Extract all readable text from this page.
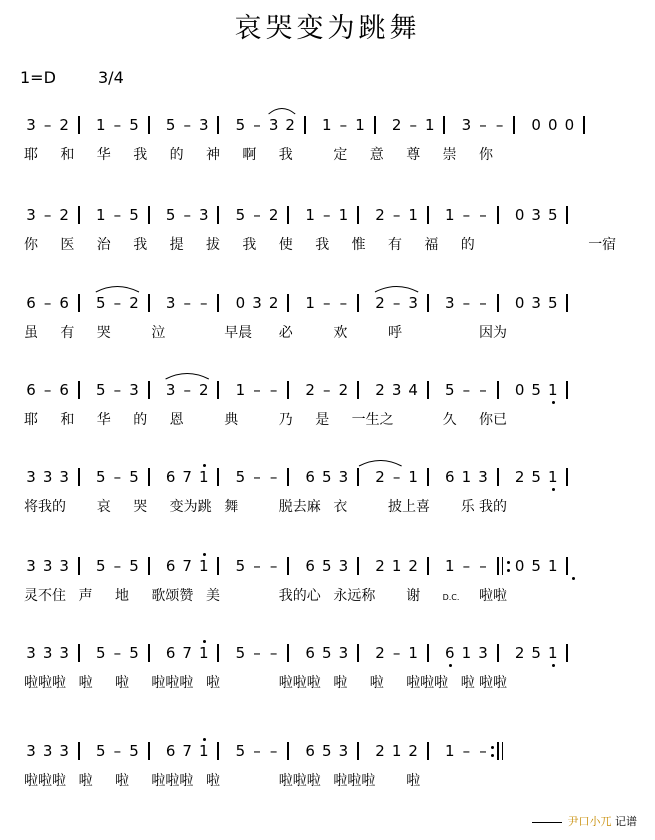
哀哭变为跳舞
1=D	3/4
3 – 2 1 – 5 5 – 3 5 – 3 2 1 – 1 2 – 1 3 – – 0 0 0
耶 和 华 我 的 神 啊 我	定 意 尊 崇 你
3 – 2 1 – 5 5 – 3 5 – 2 1 – 1 2 – 1 1 – – 0 3 5
你 医 治 我 提 拔 我 使 我 惟 有 福 的	一宿
6 – 6 5 – 2 3 – – 0 3 2 1 – – 2 – 3 3 – – 0 3 5
虽 有 哭	泣	早晨 必	欢	呼	因为
6 – 6 5 – 3 3 – 2 1 – – 2 – 2 2 3 4 5 – – 0 5 1
耶 和 华 的 恩	典	乃 是 一生之	久 你已
3 3 3 5 – 5 6 7 1 5 – – 6 5 3 2 – 1 6 1 3 2 5 1
将我的 哀 哭 变为跳 舞	脱去麻 衣	披上喜 乐 我的
3 3 3 5 – 5 6 7 1 5 – – 6 5 3 2 1 2 1 – – 0 5 1
灵不住 声 地 歌颂赞 美	我的心 永远称 谢	D.C. 啦啦
3 3 3 5 – 5 6 7 1 5 – – 6 5 3 2 – 1 6 1 3 2 5 1
啦啦啦 啦 啦 啦啦啦 啦	啦啦啦 啦 啦 啦啦啦 啦 啦啦
3 3 3 5 – 5 6 7 1 5 – – 6 5 3 2 1 2 1 – –
啦啦啦 啦 啦 啦啦啦 啦	啦啦啦 啦啦啦 啦
尹口小兀 记谱
